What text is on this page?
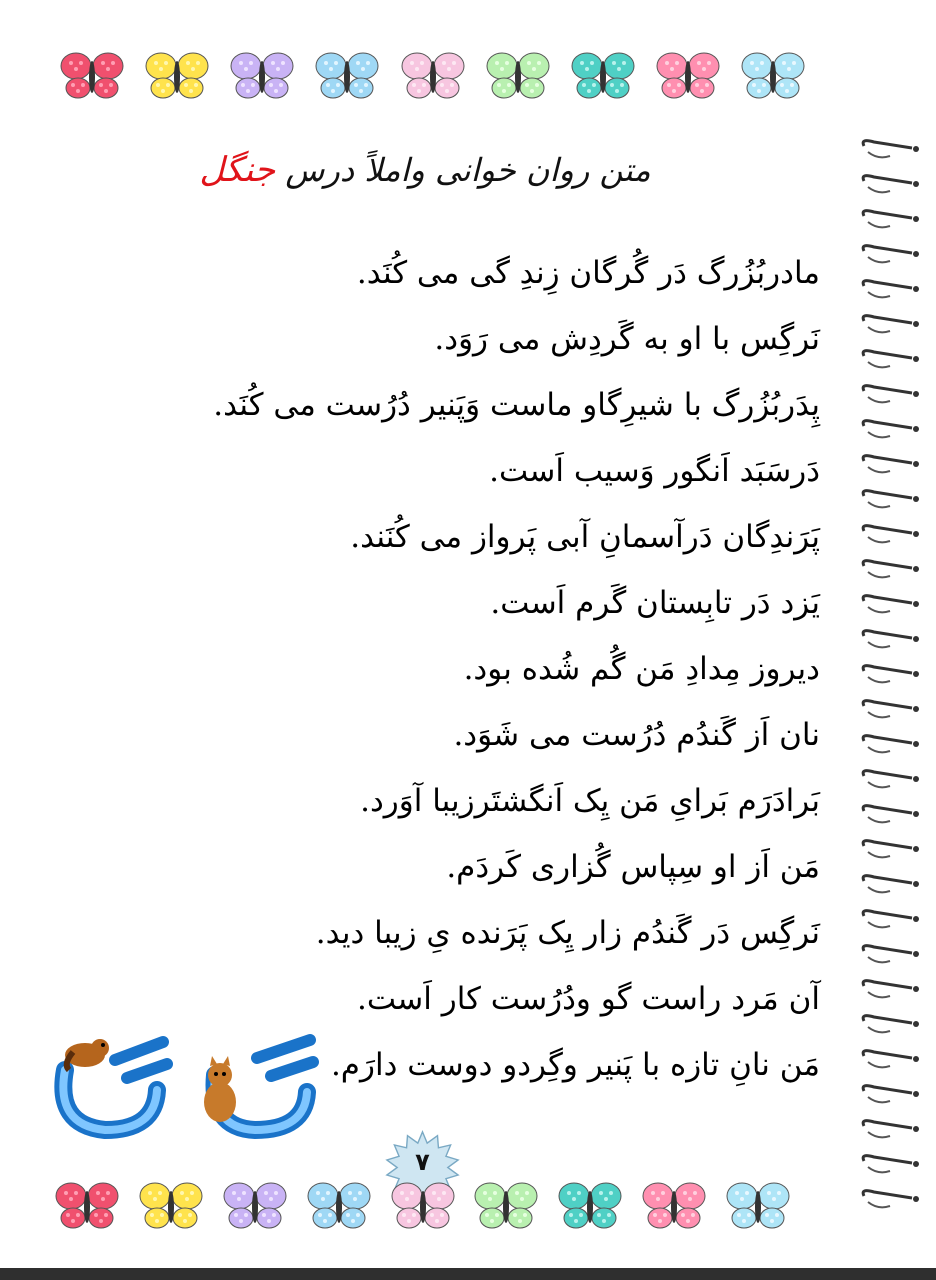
متن روان خوانی واملاً درس جنگل
مادربُزُرگ دَر گُرگان زِندِ گی می کُنَد.
نَرگِس با او به گَردِش می رَوَد.
پِدَربُزُرگ با شیرِگاو ماست وَپَنیر دُرُست می کُنَد.
دَرسَبَد اَنگور وَسیب اَست.
پَرَندِگان دَرآسمانِ آبی پَرواز می کُنَند.
یَزد دَر تابِستان گَرم اَست.
دیروز مِدادِ مَن گُم شُده بود.
نان اَز گَندُم دُرُست می شَوَد.
بَرادَرَم بَرایِ مَن یِک اَنگشتَرزیبا آوَرد.
مَن اَز او سِپاس گُزاری کَردَم.
نَرگِس دَر گَندُم زار یِک پَرَنده یِ زیبا دید.
آن مَرد راست گو ودُرُست کار اَست.
مَن نانِ تازه با پَنیر وگِردو دوست دارَم.
۷
